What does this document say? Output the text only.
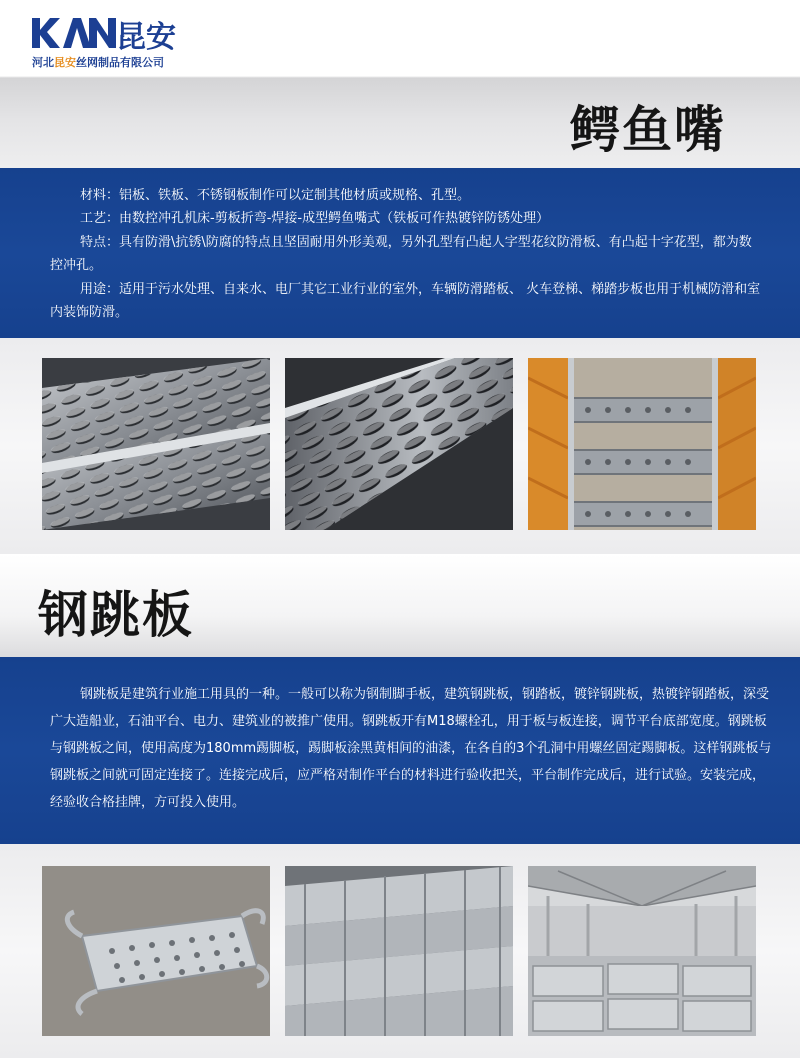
昆安
河北昆安丝网制品有限公司
鳄鱼嘴

材料：铝板、铁板、不锈钢板制作可以定制其他材质或规格、孔型。

工艺：由数控冲孔机床-剪板折弯-焊接-成型鳄鱼嘴式（铁板可作热镀锌防锈处理）

特点：具有防滑\抗锈\防腐的特点且坚固耐用外形美观，另外孔型有凸起人字型花纹防滑板、有凸起十字花型，都为数控冲孔。

用途：适用于污水处理、自来水、电厂其它工业行业的室外，车辆防滑踏板、 火车登梯、梯踏步板也用于机械防滑和室内装饰防滑。

钢跳板

钢跳板是建筑行业施工用具的一种。一般可以称为钢制脚手板，建筑钢跳板，钢踏板，镀锌钢跳板，热镀锌钢踏板，深受广大造船业，石油平台、电力、建筑业的被推广使用。钢跳板开有M18螺栓孔，用于板与板连接，调节平台底部宽度。钢跳板与钢跳板之间，使用高度为180mm踢脚板，踢脚板涂黑黄相间的油漆，在各自的3个孔洞中用螺丝固定踢脚板。这样钢跳板与钢跳板之间就可固定连接了。连接完成后，应严格对制作平台的材料进行验收把关，平台制作完成后，进行试验。安装完成，经验收合格挂牌，方可投入使用。
